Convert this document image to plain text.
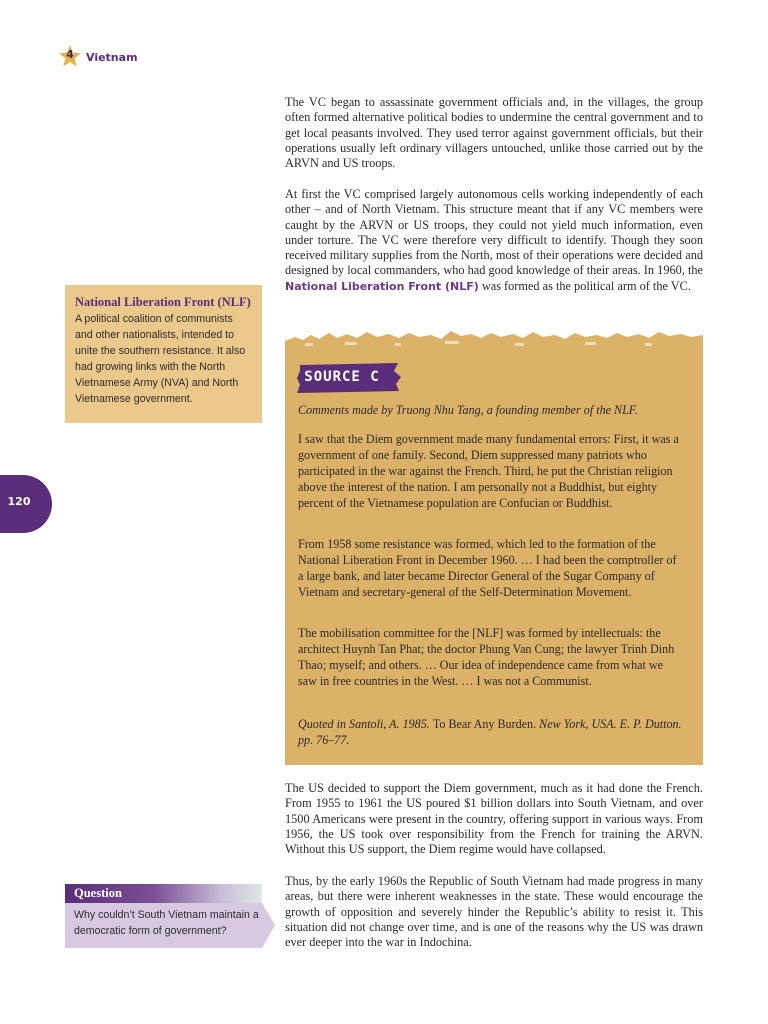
4	Vietnam

The VC began to assassinate government officials and, in the villages, the group often formed alternative political bodies to undermine the central government and to get local peasants involved. They used terror against government officials, but their operations usually left ordinary villagers untouched, unlike those carried out by the ARVN and US troops.

At first the VC comprised largely autonomous cells working independently of each other – and of North Vietnam. This structure meant that if any VC members were caught by the ARVN or US troops, they could not yield much information, even under torture. The VC were therefore very difficult to identify. Though they soon received military supplies from the North, most of their operations were decided and designed by local commanders, who had good knowledge of their areas. In 1960, the National Liberation Front (NLF) was formed as the political arm of the VC.

National Liberation Front (NLF) A political coalition of communists and other nationalists, intended to unite the southern resistance. It also had growing links with the North Vietnamese Army (NVA) and North Vietnamese government.

120
SOURCE C

Comments made by Truong Nhu Tang, a founding member of the NLF.

I saw that the Diem government made many fundamental errors: First, it was a government of one family. Second, Diem suppressed many patriots who participated in the war against the French. Third, he put the Christian religion above the interest of the nation. I am personally not a Buddhist, but eighty percent of the Vietnamese population are Confucian or Buddhist.

From 1958 some resistance was formed, which led to the formation of the National Liberation Front in December 1960. … I had been the comptroller of a large bank, and later became Director General of the Sugar Company of Vietnam and secretary-general of the Self-Determination Movement.

The mobilisation committee for the [NLF] was formed by intellectuals: the architect Huynh Tan Phat; the doctor Phung Van Cung; the lawyer Trinh Dinh Thao; myself; and others. … Our idea of independence came from what we saw in free countries in the West. … I was not a Communist.

Quoted in Santoli, A. 1985. To Bear Any Burden. New York, USA. E. P. Dutton. pp. 76–77.

The US decided to support the Diem government, much as it had done the French. From 1955 to 1961 the US poured $1 billion dollars into South Vietnam, and over 1500 Americans were present in the country, offering support in various ways. From 1956, the US took over responsibility from the French for training the ARVN. Without this US support, the Diem regime would have collapsed.

Thus, by the early 1960s the Republic of South Vietnam had made progress in many areas, but there were inherent weaknesses in the state. These would encourage the growth of opposition and severely hinder the Republic’s ability to resist it. This situation did not change over time, and is one of the reasons why the US was drawn ever deeper into the war in Indochina.

Question

Why couldn’t South Vietnam maintain a democratic form of government?
